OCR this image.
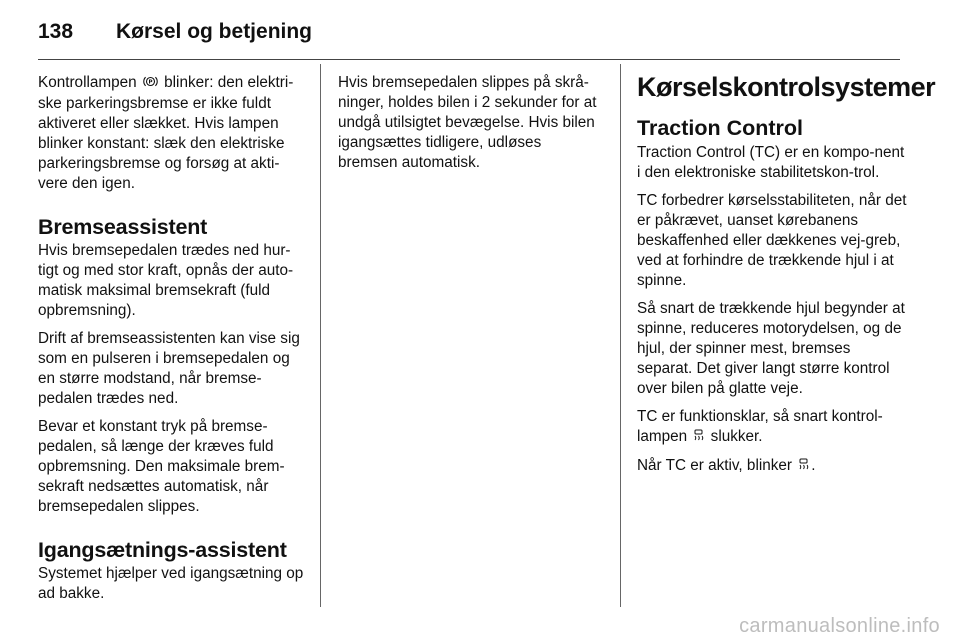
138	Kørsel og betjening

Kontrollampen P blinker: den elektri-ske parkeringsbremse er ikke fuldt aktiveret eller slækket. Hvis lampen blinker konstant: slæk den elektriske parkeringsbremse og forsøg at akti-vere den igen.

Bremseassistent

Hvis bremsepedalen trædes ned hur-tigt og med stor kraft, opnås der auto-matisk maksimal bremsekraft (fuld opbremsning).

Drift af bremseassistenten kan vise sig som en pulseren i bremsepedalen og en større modstand, når bremse-pedalen trædes ned.

Bevar et konstant tryk på bremse-pedalen, så længe der kræves fuld opbremsning. Den maksimale brem-sekraft nedsættes automatisk, når bremsepedalen slippes.

Igangsætnings-assistent

Systemet hjælper ved igangsætning op ad bakke.

Hvis bremsepedalen slippes på skrå-ninger, holdes bilen i 2 sekunder for at undgå utilsigtet bevægelse. Hvis bilen igangsættes tidligere, udløses bremsen automatisk.

Kørselskontrolsystemer
Traction Control

Traction Control (TC) er en kompo-nent i den elektroniske stabilitetskon-trol.

TC forbedrer kørselsstabiliteten, når det er påkrævet, uanset kørebanens beskaffenhed eller dækkenes vej-greb, ved at forhindre de trækkende hjul i at spinne.

Så snart de trækkende hjul begynder at spinne, reduceres motorydelsen, og de hjul, der spinner mest, bremses separat. Det giver langt større kontrol over bilen på glatte veje.

TC er funktionsklar, så snart kontrol-lampen slukker.

Når TC er aktiv, blinker .

carmanualsonline.info
